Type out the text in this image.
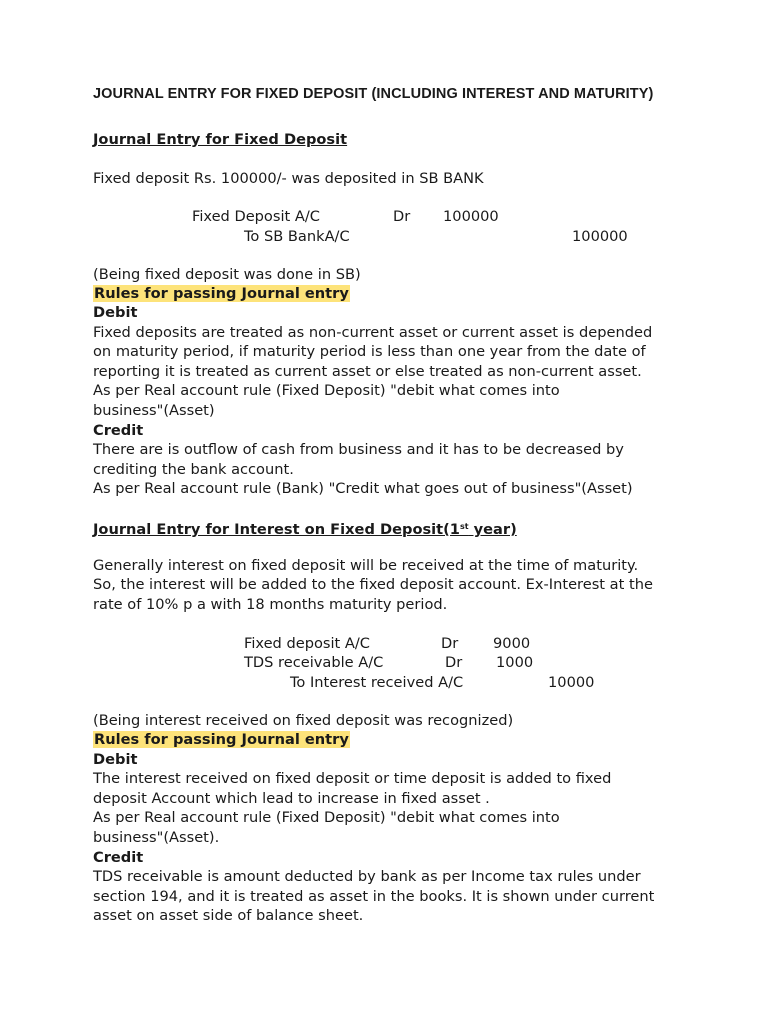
JOURNAL ENTRY FOR FIXED DEPOSIT (INCLUDING INTEREST AND MATURITY)
Journal Entry for Fixed Deposit
Fixed deposit Rs. 100000/- was deposited in SB BANK
Fixed Deposit A/C	Dr 100000
To SB BankA/C	100000
(Being fixed deposit was done in SB)
Rules for passing Journal entry
Debit
Fixed deposits are treated as non-current asset or current asset is depended
on maturity period, if maturity period is less than one year from the date of
reporting it is treated as current asset or else treated as non-current asset.
As per Real account rule (Fixed Deposit) "debit what comes into
business"(Asset)
Credit
There are is outflow of cash from business and it has to be decreased by
crediting the bank account.
As per Real account rule (Bank) "Credit what goes out of business"(Asset)
Journal Entry for Interest on Fixed Deposit(1st year)
Generally interest on fixed deposit will be received at the time of maturity.
So, the interest will be added to the fixed deposit account. Ex-Interest at the
rate of 10% p a with 18 months maturity period.
Fixed deposit A/C	Dr 9000
TDS receivable A/C	Dr 1000
To Interest received A/C	10000
(Being interest received on fixed deposit was recognized)
Rules for passing Journal entry
Debit
The interest received on fixed deposit or time deposit is added to fixed
deposit Account which lead to increase in fixed asset .
As per Real account rule (Fixed Deposit) "debit what comes into
business"(Asset).
Credit
TDS receivable is amount deducted by bank as per Income tax rules under
section 194, and it is treated as asset in the books. It is shown under current
asset on asset side of balance sheet.
